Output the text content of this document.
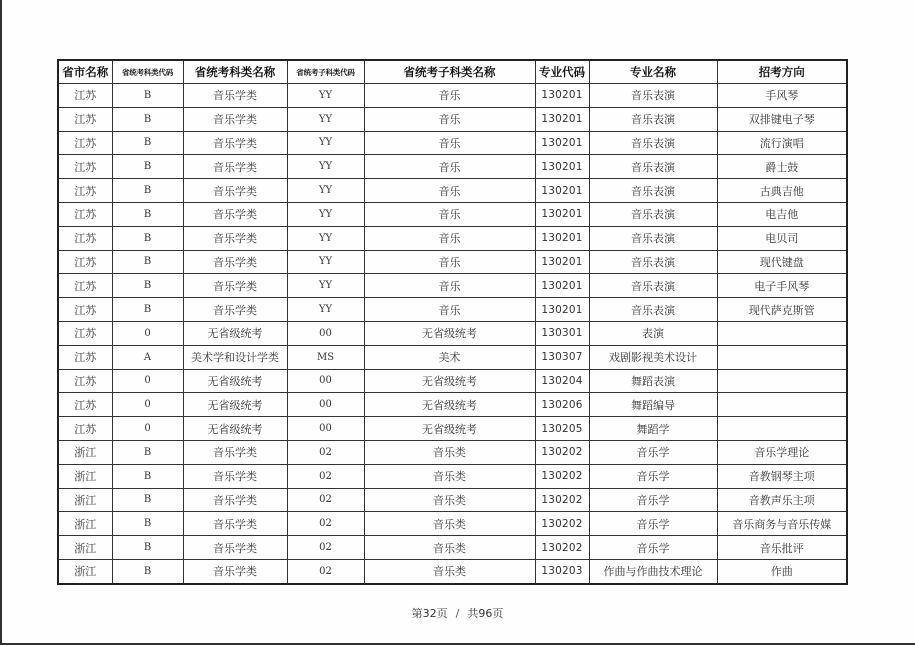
省市名称	省统考科类代码	省统考科类名称	省统考子科类代码	省统考子科类名称	专业代码	专业名称	招考方向
江苏	B	音乐学类	YY	音乐	130201	音乐表演	手风琴
江苏	B	音乐学类	YY	音乐	130201	音乐表演	双排键电子琴
江苏	B	音乐学类	YY	音乐	130201	音乐表演	流行演唱
江苏	B	音乐学类	YY	音乐	130201	音乐表演	爵士鼓
江苏	B	音乐学类	YY	音乐	130201	音乐表演	古典吉他
江苏	B	音乐学类	YY	音乐	130201	音乐表演	电吉他
江苏	B	音乐学类	YY	音乐	130201	音乐表演	电贝司
江苏	B	音乐学类	YY	音乐	130201	音乐表演	现代键盘
江苏	B	音乐学类	YY	音乐	130201	音乐表演	电子手风琴
江苏	B	音乐学类	YY	音乐	130201	音乐表演	现代萨克斯管
江苏	0	无省级统考	00	无省级统考	130301	表演	
江苏	A	美术学和设计学类	MS	美术	130307	戏剧影视美术设计	
江苏	0	无省级统考	00	无省级统考	130204	舞蹈表演	
江苏	0	无省级统考	00	无省级统考	130206	舞蹈编导	
江苏	0	无省级统考	00	无省级统考	130205	舞蹈学	
浙江	B	音乐学类	02	音乐类	130202	音乐学	音乐学理论
浙江	B	音乐学类	02	音乐类	130202	音乐学	音教钢琴主项
浙江	B	音乐学类	02	音乐类	130202	音乐学	音教声乐主项
浙江	B	音乐学类	02	音乐类	130202	音乐学	音乐商务与音乐传媒
浙江	B	音乐学类	02	音乐类	130202	音乐学	音乐批评
浙江	B	音乐学类	02	音乐类	130203	作曲与作曲技术理论	作曲
第32页 / 共96页
